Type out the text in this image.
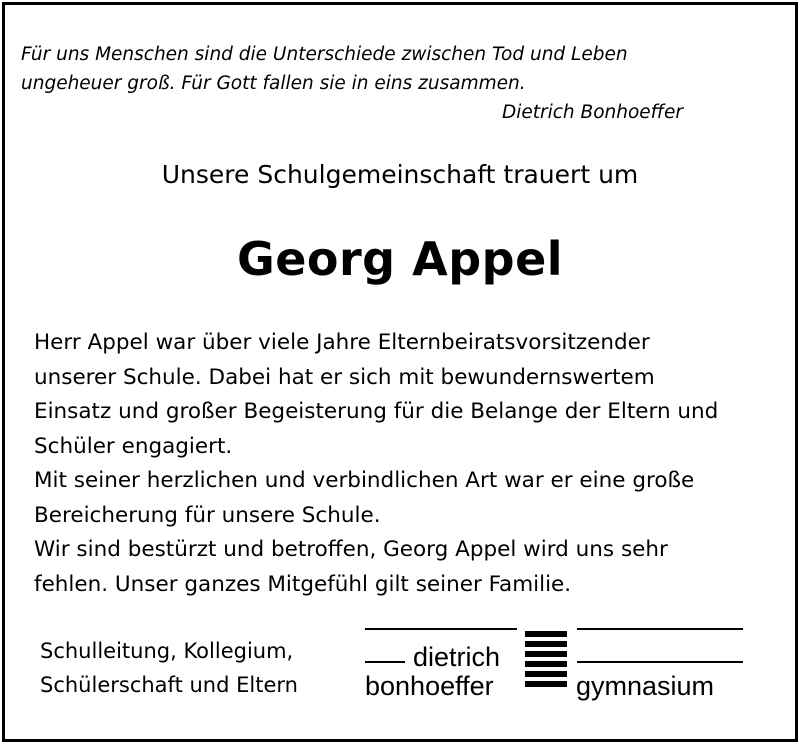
Für uns Menschen sind die Unterschiede zwischen Tod und Leben
ungeheuer groß. Für Gott fallen sie in eins zusammen.
Dietrich Bonhoeffer
Unsere Schulgemeinschaft trauert um
Georg Appel
Herr Appel war über viele Jahre Elternbeiratsvorsitzender
unserer Schule. Dabei hat er sich mit bewundernswertem
Einsatz und großer Begeisterung für die Belange der Eltern und
Schüler engagiert.
Mit seiner herzlichen und verbindlichen Art war er eine große
Bereicherung für unsere Schule.
Wir sind bestürzt und betroffen, Georg Appel wird uns sehr
fehlen. Unser ganzes Mitgefühl gilt seiner Familie.
Schulleitung, Kollegium,
Schülerschaft und Eltern
dietrich
bonhoeffer	gymnasium
